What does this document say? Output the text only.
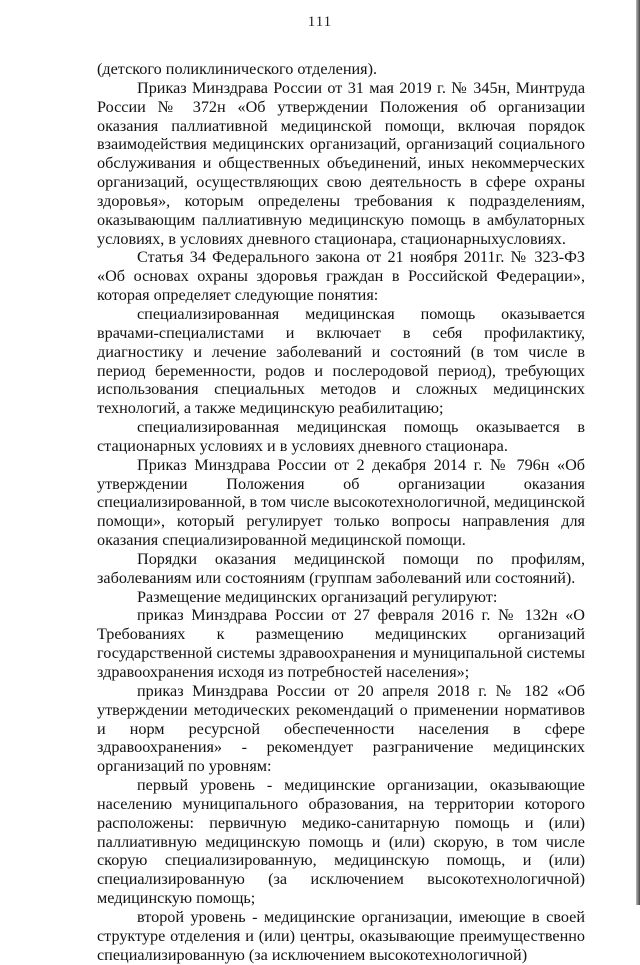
111

(детского поликлинического отделения).

Приказ Минздрава России от 31 мая 2019 г. № 345н, Минтруда России № 372н «Об утверждении Положения об организации оказания паллиативной медицинской помощи, включая порядок взаимодействия медицинских организаций, организаций социального обслуживания и общественных объединений, иных некоммерческих организаций, осуществляющих свою деятельность в сфере охраны здоровья», которым определены требования к подразделениям, оказывающим паллиативную медицинскую помощь в амбулаторных условиях, в условиях дневного стационара, стационарныхусловиях.

Статья 34 Федерального закона от 21 ноября 2011г. № 323-ФЗ «Об основах охраны здоровья граждан в Российской Федерации», которая определяет следующие понятия:

специализированная медицинская помощь оказывается врачами-специалистами и включает в себя профилактику, диагностику и лечение заболеваний и состояний (в том числе в период беременности, родов и послеродовой период), требующих использования специальных методов и сложных медицинских технологий, а также медицинскую реабилитацию;

специализированная медицинская помощь оказывается в стационарных условиях и в условиях дневного стационара.

Приказ Минздрава России от 2 декабря 2014 г. № 796н «Об утверждении Положения об организации оказания специализированной, в том числе высокотехнологичной, медицинской помощи», который регулирует только вопросы направления для оказания специализированной медицинской помощи.

Порядки оказания медицинской помощи по профилям, заболеваниям или состояниям (группам заболеваний или состояний).

Размещение медицинских организаций регулируют:

приказ Минздрава России от 27 февраля 2016 г. № 132н «О Требованиях к размещению медицинских организаций государственной системы здравоохранения и муниципальной системы здравоохранения исходя из потребностей населения»;

приказ Минздрава России от 20 апреля 2018 г. № 182 «Об утверждении методических рекомендаций о применении нормативов и норм ресурсной обеспеченности населения в сфере здравоохранения» - рекомендует разграничение медицинских организаций по уровням:

первый уровень - медицинские организации, оказывающие населению муниципального образования, на территории которого расположены: первичную медико-санитарную помощь и (или) паллиативную медицинскую помощь и (или) скорую, в том числе скорую специализированную, медицинскую помощь, и (или) специализированную (за исключением высокотехнологичной) медицинскую помощь;

второй уровень - медицинские организации, имеющие в своей структуре отделения и (или) центры, оказывающие преимущественно специализированную (за исключением высокотехнологичной)
